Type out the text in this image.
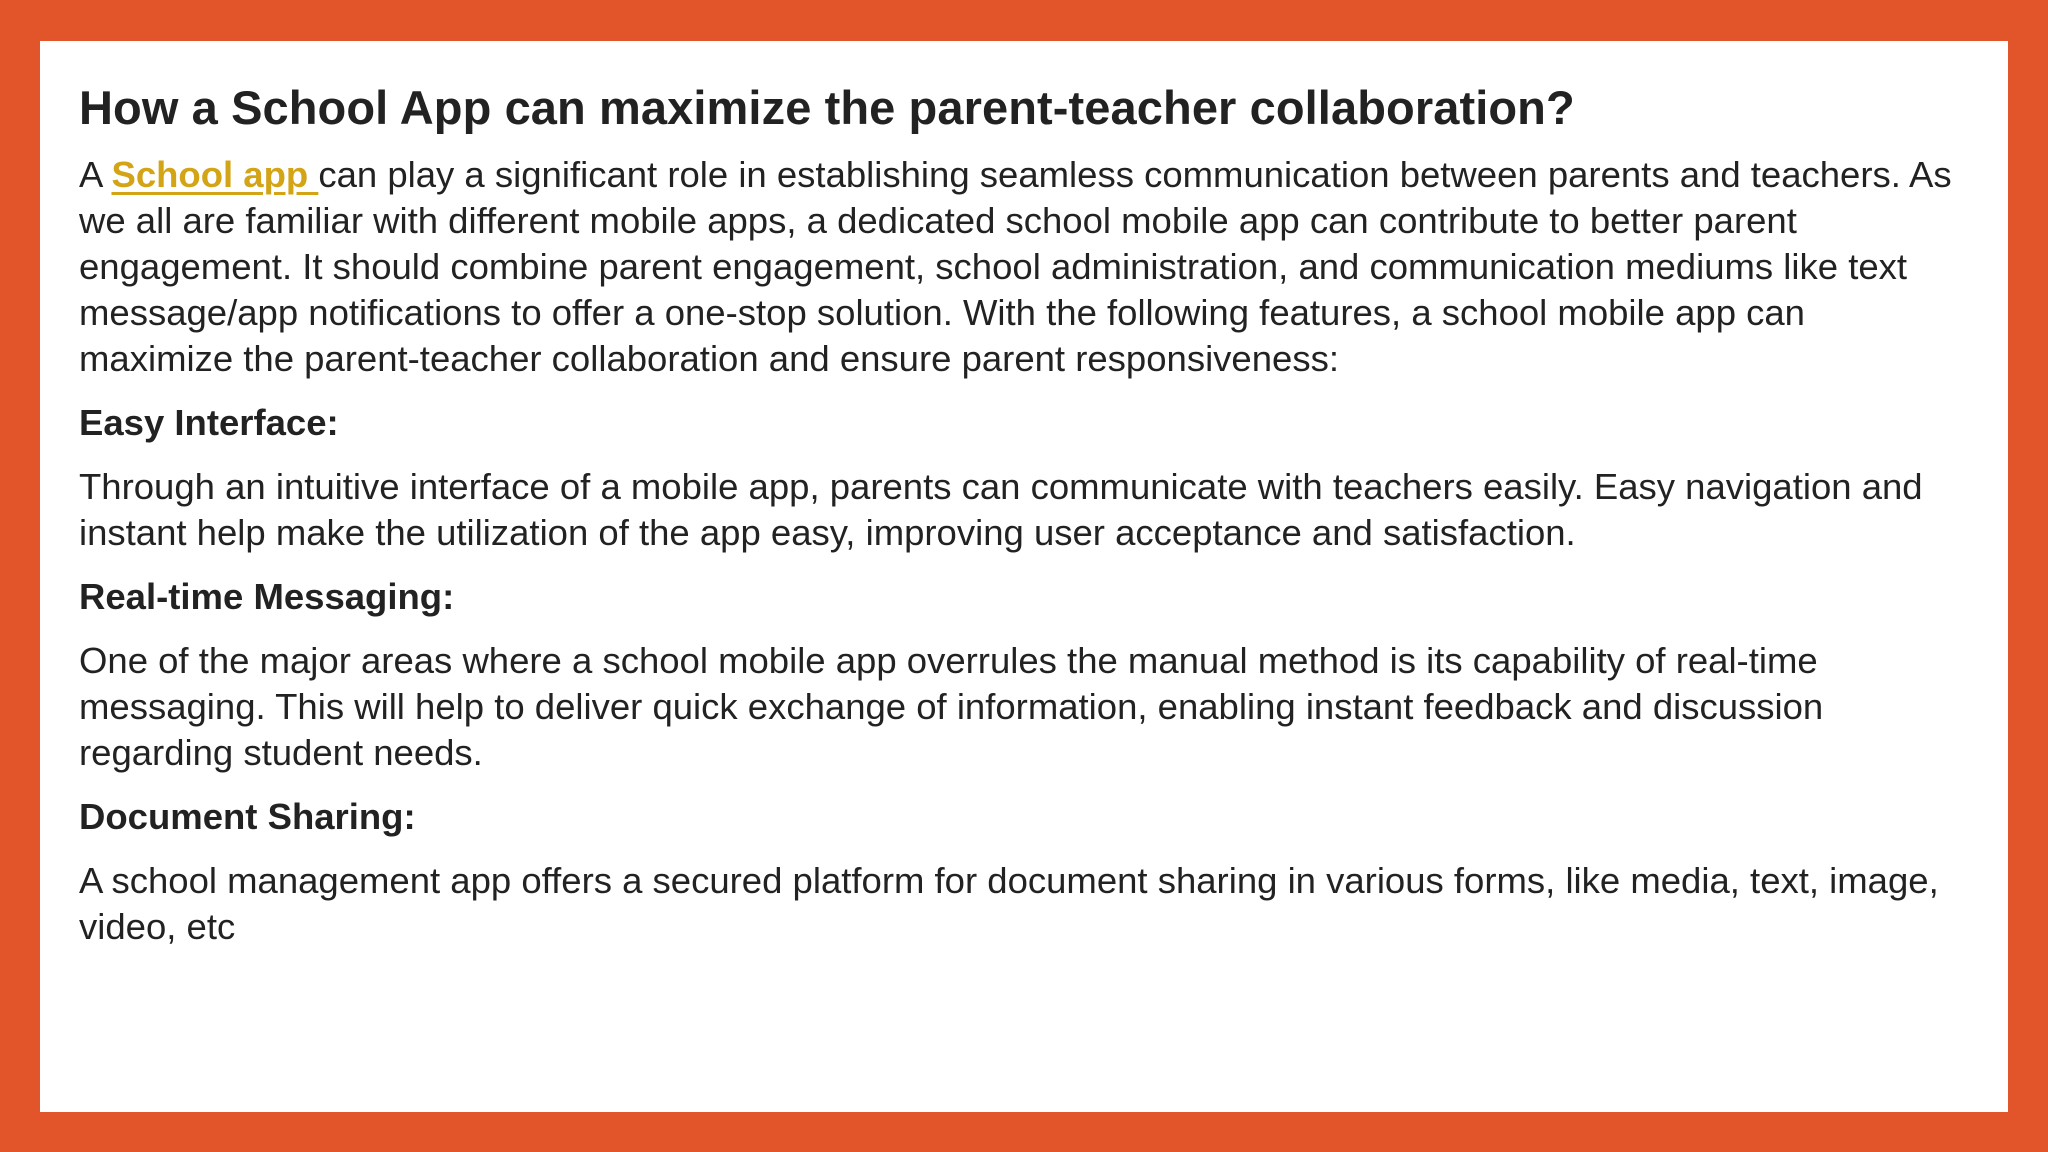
How a School App can maximize the parent-teacher collaboration?

A School app can play a significant role in establishing seamless communication between parents and teachers. As we all are familiar with different mobile apps, a dedicated school mobile app can contribute to better parent engagement. It should combine parent engagement, school administration, and communication mediums like text message/app notifications to offer a one-stop solution. With the following features, a school mobile app can maximize the parent-teacher collaboration and ensure parent responsiveness:

Easy Interface:

Through an intuitive interface of a mobile app, parents can communicate with teachers easily. Easy navigation and instant help make the utilization of the app easy, improving user acceptance and satisfaction.

Real-time Messaging:

One of the major areas where a school mobile app overrules the manual method is its capability of real-time messaging. This will help to deliver quick exchange of information, enabling instant feedback and discussion regarding student needs.

Document Sharing:

A school management app offers a secured platform for document sharing in various forms, like media, text, image, video, etc
